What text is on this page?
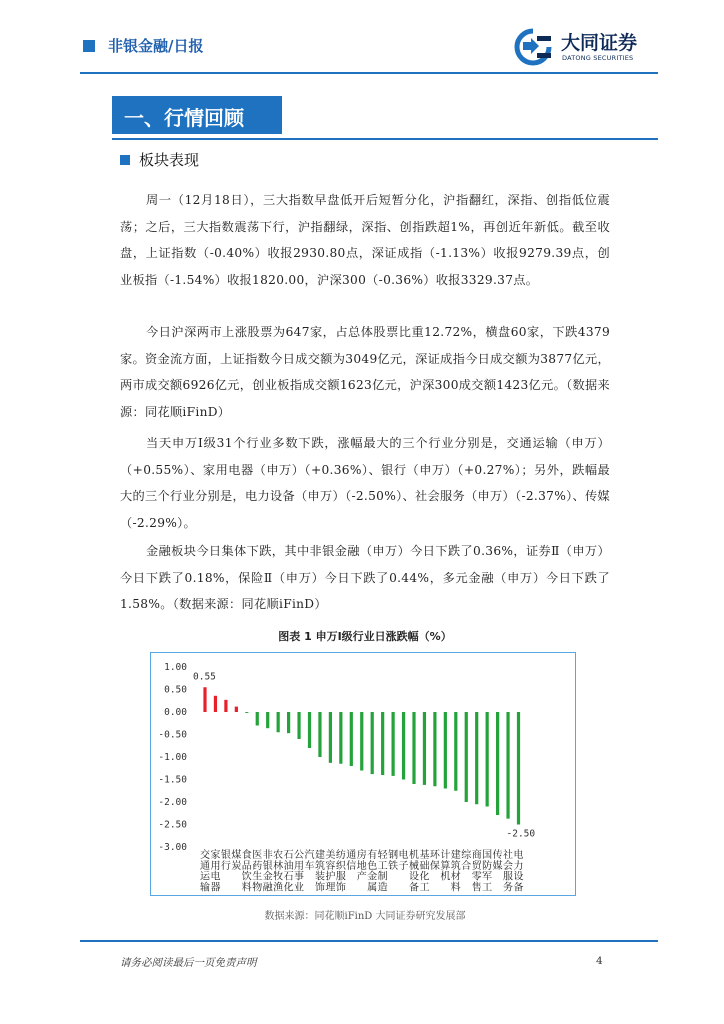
非银金融/日报	大同证券
DATONG SECURITIES
一、行情回顾
板块表现
周一（12月18日），三大指数早盘低开后短暂分化，沪指翻红，深指、创指低位震荡；之后，三大指数震荡下行，沪指翻绿，深指、创指跌超1%，再创近年新低。截至收盘，上证指数（-0.40%）收报2930.80点，深证成指（-1.13%）收报9279.39点，创业板指（-1.54%）收报1820.00，沪深300（-0.36%）收报3329.37点。
今日沪深两市上涨股票为647家，占总体股票比重12.72%，横盘60家，下跌4379家。资金流方面，上证指数今日成交额为3049亿元，深证成指今日成交额为3877亿元，两市成交额6926亿元，创业板指成交额1623亿元，沪深300成交额1423亿元。（数据来源：同花顺iFinD）
当天申万Ⅰ级31个行业多数下跌，涨幅最大的三个行业分别是，交通运输（申万）（+0.55%）、家用电器（申万）（+0.36%）、银行（申万）（+0.27%）；另外，跌幅最大的三个行业分别是，电力设备（申万）（-2.50%）、社会服务（申万）（-2.37%）、传媒（-2.29%）。
金融板块今日集体下跌，其中非银金融（申万）今日下跌了0.36%，证券Ⅱ（申万）今日下跌了0.18%，保险Ⅱ（申万）今日下跌了0.44%，多元金融（申万）今日下跌了1.58%。（数据来源：同花顺iFinD）
图表 1 申万Ⅰ级行业日涨跌幅（%）
1.00
0.50
0.00
-0.50
-1.00
-1.50
-2.00
-2.50
-3.00
0.55
-2.50
交通运输
家用电器
银行
煤炭
食品饮料
医药生物
非银金融
农林牧渔
石油石化
公用事业
汽车
建筑装饰
美容护理
纺织服饰
通信
房地产
有色金属
轻工制造
钢铁
电子
机械设备
基础化工
环保
计算机
建筑材料
综合
商贸零售
国防军工
传媒
社会服务
电力设备
数据来源：同花顺iFinD 大同证券研究发展部
请务必阅读最后一页免责声明	4
